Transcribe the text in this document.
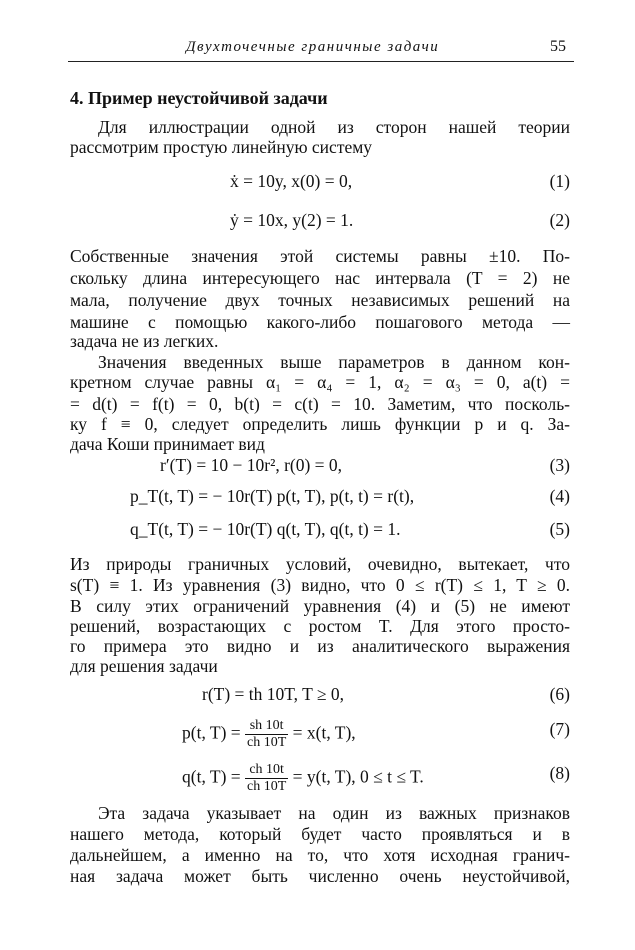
Двухточечные граничные задачи	55
4. Пример неустойчивой задачи
Для иллюстрации одной из сторон нашей теории
рассмотрим простую линейную систему
ẋ = 10y, x(0) = 0,	(1)
ẏ = 10x, y(2) = 1.	(2)
Собственные значения этой системы равны ±10. По-
скольку длина интересующего нас интервала (T = 2) не
мала, получение двух точных независимых решений на
машине с помощью какого-либо пошагового метода —
задача не из легких.
Значения введенных выше параметров в данном кон-
кретном случае равны α₁ = α₄ = 1, α₂ = α₃ = 0, a(t) =
= d(t) = f(t) = 0, b(t) = c(t) = 10. Заметим, что посколь-
ку f ≡ 0, следует определить лишь функции p и q. За-
дача Коши принимает вид
r′(T) = 10 − 10r², r(0) = 0,	(3)
p_T(t, T) = − 10r(T) p(t, T), p(t, t) = r(t),	(4)
q_T(t, T) = − 10r(T) q(t, T), q(t, t) = 1.	(5)
Из природы граничных условий, очевидно, вытекает, что
s(T) ≡ 1. Из уравнения (3) видно, что 0 ≤ r(T) ≤ 1, T ≥ 0.
В силу этих ограничений уравнения (4) и (5) не имеют
решений, возрастающих с ростом T. Для этого просто-
го примера это видно и из аналитического выражения
для решения задачи
r(T) = th 10T, T ≥ 0,	(6)
p(t, $T) = \frac{sh 10t}{ch 10T} = x(t$, T),	(7)
q(t, $T) = \frac{ch 10t}{ch 10T} = y(t$, T), 0 ≤ t ≤ T.	(8)
Эта задача указывает на один из важных признаков
нашего метода, который будет часто проявляться и в
дальнейшем, а именно на то, что хотя исходная гранич-
ная задача может быть численно очень неустойчивой,
